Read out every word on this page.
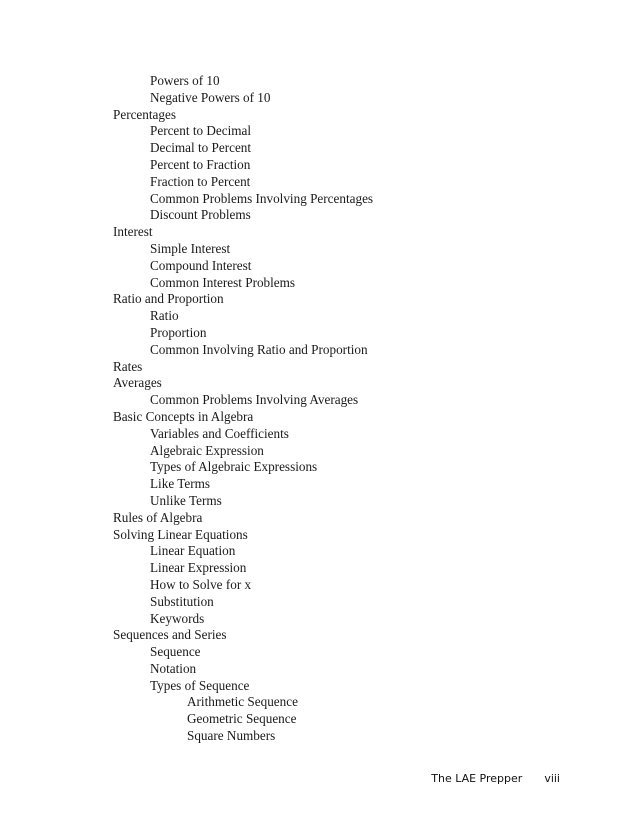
Powers of 10
Negative Powers of 10
Percentages
Percent to Decimal
Decimal to Percent
Percent to Fraction
Fraction to Percent
Common Problems Involving Percentages
Discount Problems
Interest
Simple Interest
Compound Interest
Common Interest Problems
Ratio and Proportion
Ratio
Proportion
Common Involving Ratio and Proportion
Rates
Averages
Common Problems Involving Averages
Basic Concepts in Algebra
Variables and Coefficients
Algebraic Expression
Types of Algebraic Expressions
Like Terms
Unlike Terms
Rules of Algebra
Solving Linear Equations
Linear Equation
Linear Expression
How to Solve for x
Substitution
Keywords
Sequences and Series
Sequence
Notation
Types of Sequence
Arithmetic Sequence
Geometric Sequence
Square Numbers
The LAE Prepper viii
